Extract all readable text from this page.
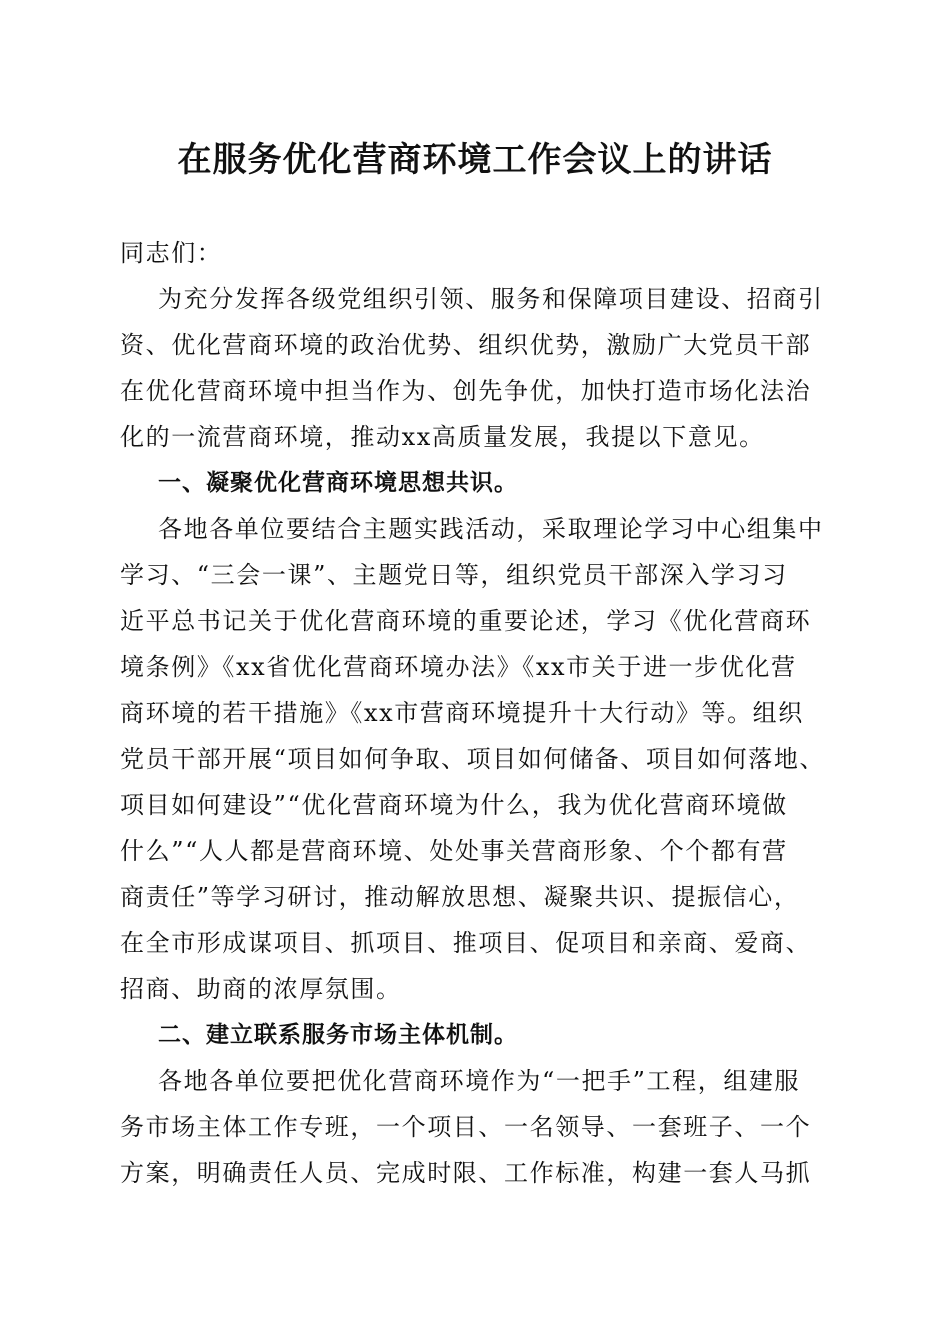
在服务优化营商环境工作会议上的讲话
同志们：
为充分发挥各级党组织引领、服务和保障项目建设、招商引
资、优化营商环境的政治优势、组织优势，激励广大党员干部
在优化营商环境中担当作为、创先争优，加快打造市场化法治
化的一流营商环境，推动xx高质量发展，我提以下意见。
一、凝聚优化营商环境思想共识。
各地各单位要结合主题实践活动，采取理论学习中心组集中
学习、“三会一课”、主题党日等，组织党员干部深入学习习
近平总书记关于优化营商环境的重要论述，学习《优化营商环
境条例》《xx省优化营商环境办法》《xx市关于进一步优化营
商环境的若干措施》《xx市营商环境提升十大行动》等。组织
党员干部开展“项目如何争取、项目如何储备、项目如何落地、
项目如何建设”“优化营商环境为什么，我为优化营商环境做
什么”“人人都是营商环境、处处事关营商形象、个个都有营
商责任”等学习研讨，推动解放思想、凝聚共识、提振信心，
在全市形成谋项目、抓项目、推项目、促项目和亲商、爱商、
招商、助商的浓厚氛围。
二、建立联系服务市场主体机制。
各地各单位要把优化营商环境作为“一把手”工程，组建服
务市场主体工作专班，一个项目、一名领导、一套班子、一个
方案，明确责任人员、完成时限、工作标准，构建一套人马抓
